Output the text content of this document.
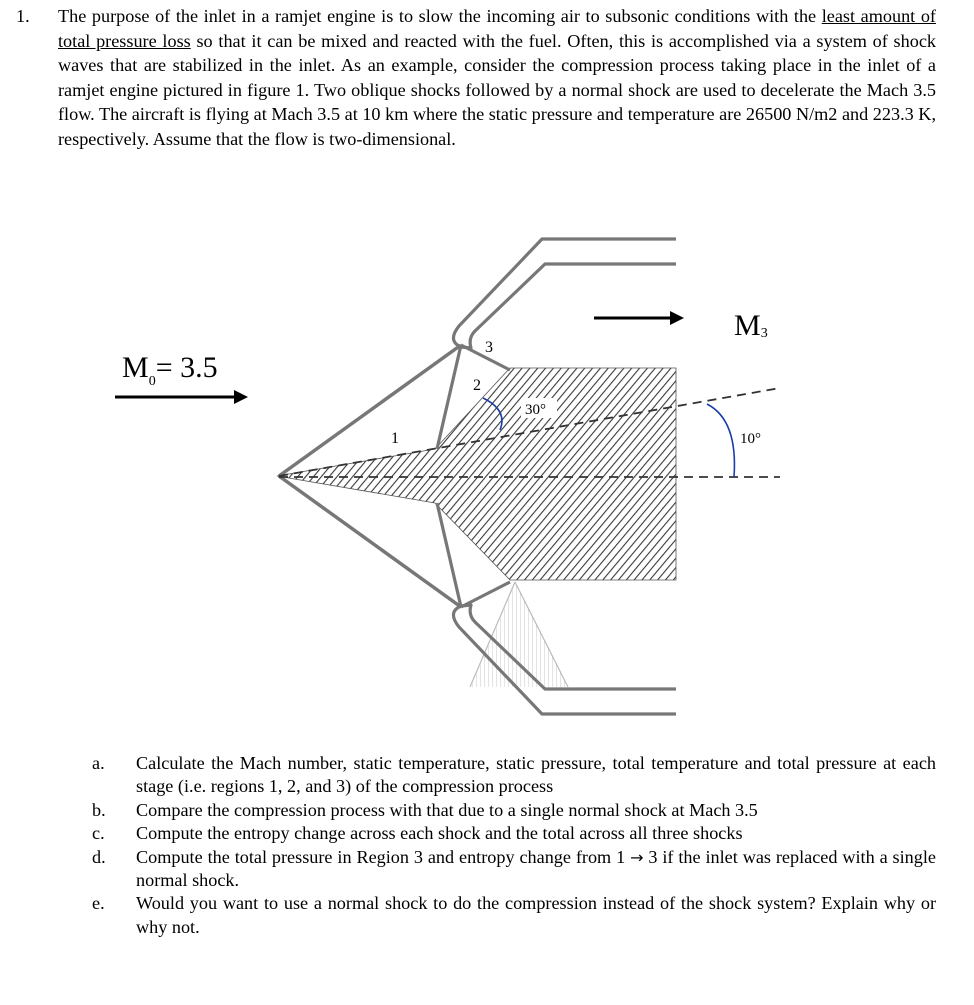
1. The purpose of the inlet in a ramjet engine is to slow the incoming air to subsonic conditions with the least amount of total pressure loss so that it can be mixed and reacted with the fuel. Often, this is accomplished via a system of shock waves that are stabilized in the inlet. As an example, consider the compression process taking place in the inlet of a ramjet engine pictured in figure 1. Two oblique shocks followed by a normal shock are used to decelerate the Mach 3.5 flow. The aircraft is flying at Mach 3.5 at 10 km where the static pressure and temperature are 26500 N/m2 and 223.3 K, respectively. Assume that the flow is two-dimensional.
$M_0= 3.5$
M3
1
2
3
30°
10°
a. Calculate the Mach number, static temperature, static pressure, total temperature and total pressure at each stage (i.e. regions 1, 2, and 3) of the compression process
b. Compare the compression process with that due to a single normal shock at Mach 3.5
c. Compute the entropy change across each shock and the total across all three shocks
d. Compute the total pressure in Region 3 and entropy change from 1 → 3 if the inlet was replaced with a single normal shock.
e. Would you want to use a normal shock to do the compression instead of the shock system? Explain why or why not.
